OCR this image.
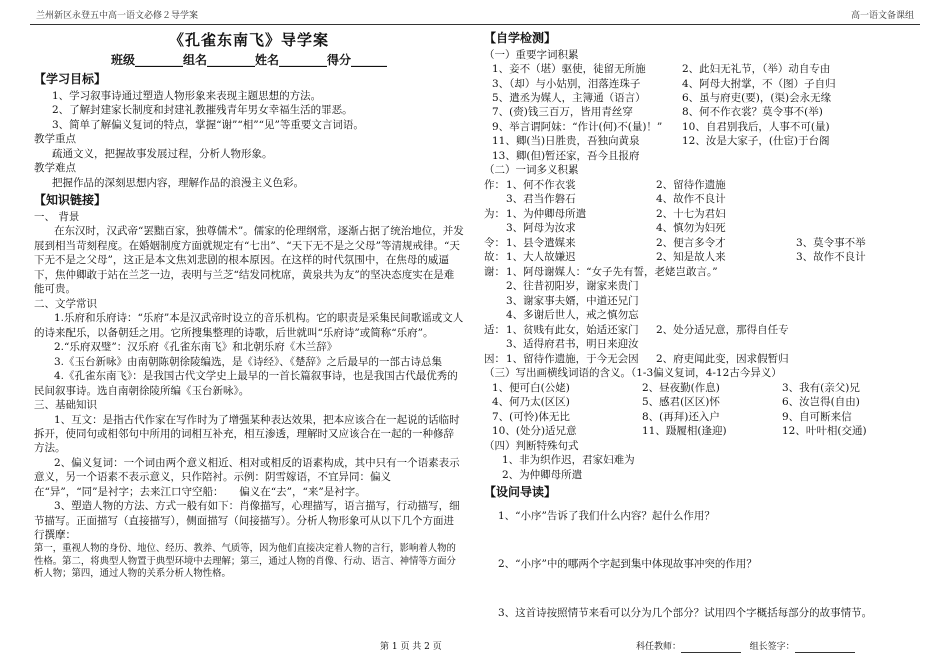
兰州新区永登五中高一语文必修２导学案	高一语文备课组
《孔雀东南飞》导学案
班级________组名________姓名________得分______
【学习目标】

1、学习叙事诗通过塑造人物形象来表现主题思想的方法。

2、了解封建家长制度和封建礼教摧残青年男女幸福生活的罪恶。

3、简单了解偏义复词的特点，掌握“谢”“相”“见”等重要文言词语。

教学重点

疏通文义，把握故事发展过程，分析人物形象。

教学难点

把握作品的深刻思想内容，理解作品的浪漫主义色彩。

【知识链接】

一、 背景

在东汉时，汉武帝“罢黜百家，独尊儒术”。儒家的伦理纲常，逐渐占据了统治地位，并发展到相当苛刻程度。在婚姻制度方面就规定有“七出”、“天下无不是之父母”等清规戒律。“天下无不是之父母”，这正是本文焦刘悲剧的根本原因。在这样的时代氛围中，在焦母的威逼下，焦仲卿敢于站在兰芝一边，表明与兰芝“结发同枕席，黄泉共为友”的坚决态度实在是难能可贵。

二、文学常识

1.乐府和乐府诗：“乐府”本是汉武帝时设立的音乐机构。它的职责是采集民间歌谣或文人的诗来配乐，以备朝廷之用。它所搜集整理的诗歌，后世就叫“乐府诗”或简称“乐府”。

2.“乐府双璧”：汉乐府《孔雀东南飞》和北朝乐府《木兰辞》

3.《玉台新咏》由南朝陈朝徐陵编选，是《诗经》、《楚辞》之后最早的一部古诗总集

4.《孔雀东南飞》：是我国古代文学史上最早的一首长篇叙事诗，也是我国古代最优秀的民间叙事诗。选自南朝徐陵所编《玉台新咏》。

三、基础知识

1、互文：是指古代作家在写作时为了增强某种表达效果，把本应该合在一起说的话临时拆开，使同句或相邻句中所用的词相互补充，相互渗透，理解时又应该合在一起的一种修辞方法。

2、偏义复词：一个词由两个意义相近、相对或相反的语素构成，其中只有一个语素表示意义，另一个语素不表示意义，只作陪衬。示例：阴雪嫁语，不宜异同：偏义在“异”，“同”是衬字；去来江口守空船：　　偏义在“去”，“来”是衬字。

3、塑造人物的方法、方式一般有如下：肖像描写，心理描写，语言描写，行动描写，细节描写。正面描写（直接描写），侧面描写（间接描写）。分析人物形象可从以下几个方面进行撰摩：

第一，重视人物的身份、地位、经历、教养、气质等，因为他们直接决定着人物的言行，影响着人物的性格。第二，将典型人物置于典型环境中去理解；第三，通过人物的肖像、行动、语言、神情等方面分析人物；第四，通过人物的关系分析人物性格。

【自学检测】

（一）重要字词积累

1、妾不（堪）驱使，徒留无所施	2、此妇无礼节，（举）动自专由
3、（却）与小姑别，泪落连珠子	4、阿母大拊掌，不（图）子自归
5、遣丞为媒人，主簿通（语言）	6、虽与府吏(要)，(渠)会永无缘
7、(赍)钱三百万，皆用青丝穿	8、何不作衣裳？莫令事不(举)
9、举言谓阿妹：“作计(何)不(量)！”	10、自君别我后，人事不可(量)
11、卿(当)日胜贵，吾独向黄泉	12、汝是大家子，(仕宦)于台阁
13、卿(但)暂还家，吾今且报府

（二）一词多义积累

作： 1、何不作衣裳	2、留待作遗施
3、君当作磐石	4、故作不良计
为： 1、为仲卿母所遣	2、十七为君妇
3、阿母为汝求	4、慎勿为妇死
令： 1、县令遣媒来	2、便言多令才	3、莫令事不举
故： 1、大人故嫌迟	2、知是故人来	3、故作不良计
谢： 1、阿母谢媒人：“女子先有誓，老姥岂敢言。”
2、往昔初阳岁，谢家来贵门
3、谢家事夫婿，中道还兄门
4、多谢后世人，戒之慎勿忘
适： 1、贫贱有此女，始适还家门	2、处分适兄意，那得自任专
3、适得府君书，明日来迎汝
因： 1、留待作遗施，于今无会因	2、府吏闻此变，因求假暂归

（三）写出画横线词语的含义。（1-3偏义复词，4-12古今异义）

1、便可白(公姥)	2、昼夜勤(作息)	3、我有(亲父)兄
4、何乃太(区区)	5、感君(区区)怀	6、汝岂得(自由)
7、(可怜)体无比	8、(再拜)还入户	9、自可断来信
10、(处分)适兄意	11、蹑履相(逢迎)	12、叶叶相(交通)

（四）判断特殊句式

1、非为织作迟，君家妇难为

2、为仲卿母所遣

【设问导读】

1、“小序”告诉了我们什么内容？起什么作用？

2、“小序”中的哪两个字起到集中体现故事冲突的作用？

3、这首诗按照情节来看可以分为几个部分？试用四个字概括每部分的故事情节。

第 1 页 共 2 页	科任教师：	组长签字：
